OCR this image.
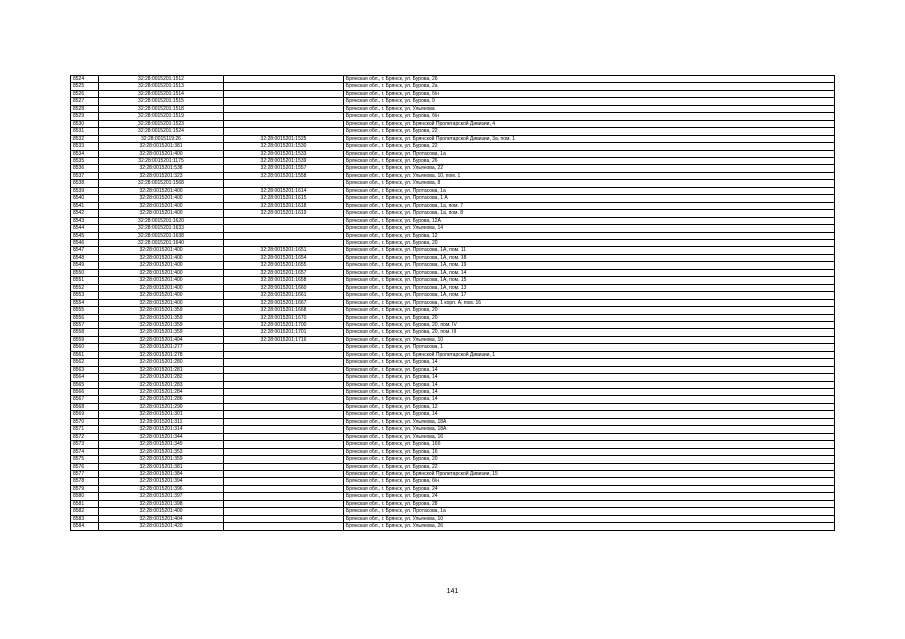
8524	32:28:0015201:1512		Брянская обл., г. Брянск, ул. Бурова, 26
8525	32:28:0015201:1513		Брянская обл., г. Брянск, ул. Бурова, 2а
8526	32:28:0015201:1514		Брянская обл., г. Брянск, ул. Бурова, б/н
8527	32:28:0015201:1515		Брянская обл., г. Брянск, ул. Бурова, 9
8528	32:28:0015201:1518		Брянская обл., г. Брянск, ул. Ульянова
8529	32:28:0015201:1519		Брянская обл., г. Брянск, ул. Бурова, б/н
8530	32:28:0015201:1523		Брянская обл., г. Брянск, ул. Брянской Пролетарской Дивизии, 4
8531	32:28:0015201:1524		Брянская обл., г. Брянск, ул. Бурова, 22
8532	32:28:0015119:26	32:28:0015201:1525	Брянская обл., г. Брянск, ул. Брянской Пролетарской Дивизии, 3а, пом. 1
8533	32:28:0015201:381	32:28:0015201:1530	Брянская обл., г. Брянск, ул. Бурова, 22
8534	32:28:0015201:400	32:28:0015201:1533	Брянская обл., г. Брянск, ул. Протасова, 1а
8535	32:28:0015201:1175	32:28:0015201:1539	Брянская обл., г. Брянск, ул. Бурова, 26
8536	32:28:0015201:538	32:28:0015201:1557	Брянская обл., г. Брянск, ул. Ульянова, 22
8537	32:28:0015201:323	32:28:0015201:1558	Брянская обл., г. Брянск, ул. Ульянова, 10, пом. 1
8538	32:28:0015201:1568		Брянская обл., г. Брянск, ул. Ульянова, 8
8539	32:28:0015201:400	32:28:0015201:1614	Брянская обл., г. Брянск, ул. Протасова, 1а
8540	32:28:0015201:400	32:28:0015201:1615	Брянская обл., г. Брянск, ул. Протасова, 1 А
8541	32:28:0015201:400	32:28:0015201:1618	Брянская обл., г. Брянск, ул. Протасова, 1а, пом. 7
8542	32:28:0015201:400	32:28:0015201:1619	Брянская обл., г. Брянск, ул. Протасова, 1а, пом. 8
8543	32:28:0015201:1620		Брянская обл., г. Брянск, ул. Бурова, 12А
8544	32:28:0015201:1633		Брянская обл., г. Брянск, ул. Ульянова, 14
8545	32:28:0015201:1638		Брянская обл., г. Брянск, ул. Бурова, 12
8546	32:28:0015201:1640		Брянская обл., г. Брянск, ул. Бурова, 20
8547	32:28:0015201:400	32:28:0015201:1651	Брянская обл., г. Брянск, ул. Протасова, 1А, пом. 11
8548	32:28:0015201:400	32:28:0015201:1654	Брянская обл., г. Брянск, ул. Протасова, 1А, пом. 18
8549	32:28:0015201:400	32:28:0015201:1655	Брянская обл., г. Брянск, ул. Протасова, 1А, пом. 19
8550	32:28:0015201:400	32:28:0015201:1657	Брянская обл., г. Брянск, ул. Протасова, 1А, пом. 14
8551	32:28:0015201:400	32:28:0015201:1658	Брянская обл., г. Брянск, ул. Протасова, 1А, пом. 15
8552	32:28:0015201:400	32:28:0015201:1660	Брянская обл., г. Брянск, ул. Протасова, 1А, пом. 13
8553	32:28:0015201:400	32:28:0015201:1661	Брянская обл., г. Брянск, ул. Протасова, 1А, пом. 17
8554	32:28:0015201:400	32:28:0015201:1667	Брянская обл., г. Брянск, ул. Протасова, 1 корп. А, пом. 16
8555	32:28:0015201:359	32:28:0015201:1668	Брянская обл., г. Брянск, ул. Бурова, 20
8556	32:28:0015201:359	32:28:0015201:1670	Брянская обл., г. Брянск, ул. Бурова, 20
8557	32:28:0015201:359	32:28:0015201:1700	Брянская обл., г. Брянск, ул. Бурова, 20, пом. IV
8558	32:28:0015201:359	32:28:0015201:1701	Брянская обл., г. Брянск, ул. Бурова, 20, пом. III
8559	32:28:0015201:404	32:28:0015201:1716	Брянская обл., г. Брянск, ул. Ульянова, 10
8560	32:28:0015201:277		Брянская обл., г. Брянск, ул. Протасова, 1
8561	32:28:0015201:278		Брянская обл., г. Брянск, ул. Брянской Пролетарской Дивизии, 1
8562	32:28:0015201:280		Брянская обл., г. Брянск, ул. Бурова, 14
8563	32:28:0015201:281		Брянская обл., г. Брянск, ул. Бурова, 14
8564	32:28:0015201:282		Брянская обл., г. Брянск, ул. Бурова, 14
8565	32:28:0015201:283		Брянская обл., г. Брянск, ул. Бурова, 14
8566	32:28:0015201:284		Брянская обл., г. Брянск, ул. Бурова, 14
8567	32:28:0015201:286		Брянская обл., г. Брянск, ул. Бурова, 14
8568	32:28:0015201:290		Брянская обл., г. Брянск, ул. Бурова, 12
8569	32:28:0015201:301		Брянская обл., г. Брянск, ул. Бурова, 14
8570	32:28:0015201:311		Брянская обл., г. Брянск, ул. Ульянова, 18А
8571	32:28:0015201:314		Брянская обл., г. Брянск, ул. Ульянова, 18А
8572	32:28:0015201:344		Брянская обл., г. Брянск, ул. Ульянова, 16
8573	32:28:0015201:345		Брянская обл., г. Брянск, ул. Бурова, 16б
8574	32:28:0015201:353		Брянская обл., г. Брянск, ул. Бурова, 16
8575	32:28:0015201:359		Брянская обл., г. Брянск, ул. Бурова, 20
8576	32:28:0015201:381		Брянская обл., г. Брянск, ул. Бурова, 22
8577	32:28:0015201:384		Брянская обл., г. Брянск, ул. Брянской Пролетарской Дивизии, 15
8578	32:28:0015201:394		Брянская обл., г. Брянск, ул. Бурова, б/н
8579	32:28:0015201:396		Брянская обл., г. Брянск, ул. Бурова, 24
8580	32:28:0015201:397		Брянская обл., г. Брянск, ул. Бурова, 24
8581	32:28:0015201:398		Брянская обл., г. Брянск, ул. Бурова, 28
8582	32:28:0015201:400		Брянская обл., г. Брянск, ул. Протасова, 1а
8583	32:28:0015201:404		Брянская обл., г. Брянск, ул. Ульянова, 10
8584	32:28:0015201:420		Брянская обл., г. Брянск, ул. Ульянова, 26
141
